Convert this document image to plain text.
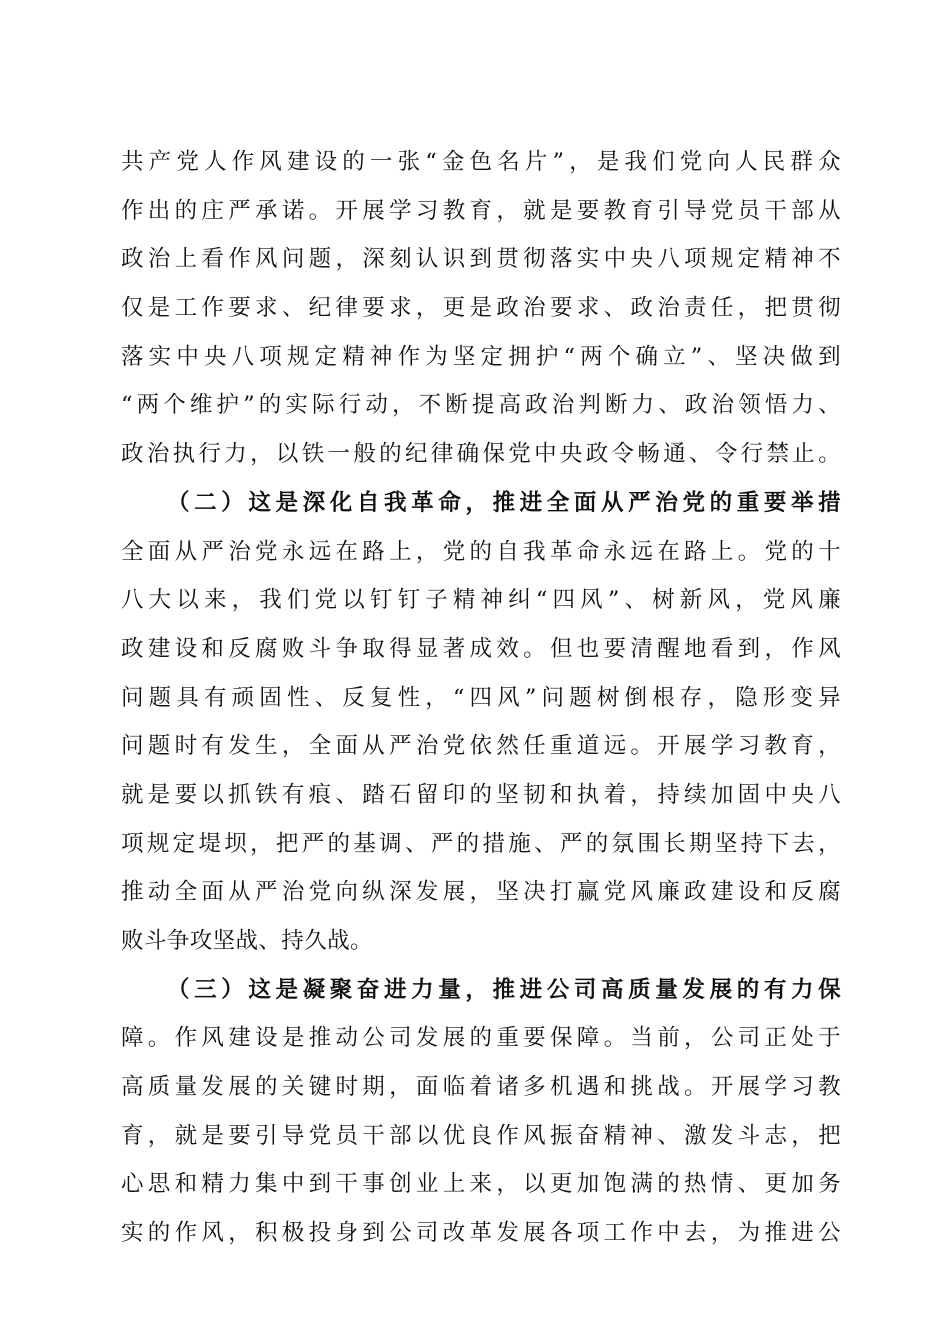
共产党人作风建设的一张“金色名片”，是我们党向人民群众
作出的庄严承诺。开展学习教育，就是要教育引导党员干部从
政治上看作风问题，深刻认识到贯彻落实中央八项规定精神不
仅是工作要求、纪律要求，更是政治要求、政治责任，把贯彻
落实中央八项规定精神作为坚定拥护“两个确立”、坚决做到
“两个维护”的实际行动，不断提高政治判断力、政治领悟力、
政治执行力，以铁一般的纪律确保党中央政令畅通、令行禁止。
（二）这是深化自我革命，推进全面从严治党的重要举措
全面从严治党永远在路上，党的自我革命永远在路上。党的十
八大以来，我们党以钉钉子精神纠“四风”、树新风，党风廉
政建设和反腐败斗争取得显著成效。但也要清醒地看到，作风
问题具有顽固性、反复性，“四风”问题树倒根存，隐形变异
问题时有发生，全面从严治党依然任重道远。开展学习教育，
就是要以抓铁有痕、踏石留印的坚韧和执着，持续加固中央八
项规定堤坝，把严的基调、严的措施、严的氛围长期坚持下去，
推动全面从严治党向纵深发展，坚决打赢党风廉政建设和反腐
败斗争攻坚战、持久战。
（三）这是凝聚奋进力量，推进公司高质量发展的有力保
障。作风建设是推动公司发展的重要保障。当前，公司正处于
高质量发展的关键时期，面临着诸多机遇和挑战。开展学习教
育，就是要引导党员干部以优良作风振奋精神、激发斗志，把
心思和精力集中到干事创业上来，以更加饱满的热情、更加务
实的作风，积极投身到公司改革发展各项工作中去，为推进公
